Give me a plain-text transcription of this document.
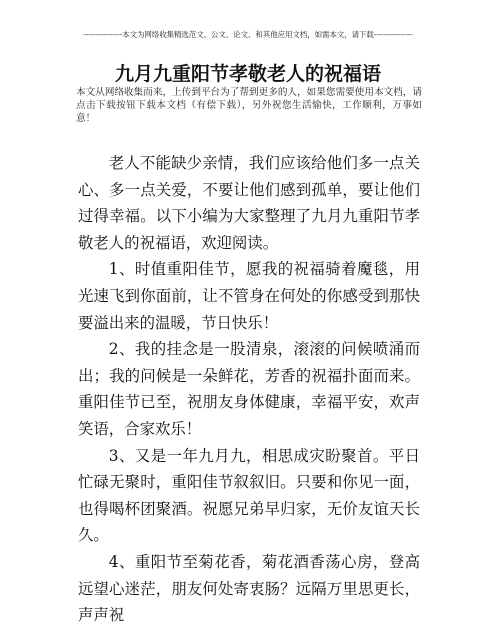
----------------本文为网络收集精选范文、公文、论文、和其他应用文档，如需本文，请下载----------------
九月九重阳节孝敬老人的祝福语
本文从网络收集而来，上传到平台为了帮到更多的人，如果您需要使用本文档，请点击下载按钮下载本文档（有偿下载），另外祝您生活愉快，工作顺利，万事如意！

老人不能缺少亲情，我们应该给他们多一点关心、多一点关爱，不要让他们感到孤单，要让他们过得幸福。以下小编为大家整理了九月九重阳节孝敬老人的祝福语，欢迎阅读。

1、时值重阳佳节，愿我的祝福骑着魔毯，用光速飞到你面前，让不管身在何处的你感受到那快要溢出来的温暖，节日快乐！

2、我的挂念是一股清泉，滚滚的问候喷涌而出；我的问候是一朵鲜花，芳香的祝福扑面而来。重阳佳节已至，祝朋友身体健康，幸福平安，欢声笑语，合家欢乐！

3、又是一年九月九，相思成灾盼聚首。平日忙碌无聚时，重阳佳节叙叙旧。只要和你见一面，也得喝杯团聚酒。祝愿兄弟早归家，无价友谊天长久。

4、重阳节至菊花香，菊花酒香荡心房，登高远望心迷茫，朋友何处寄衷肠？远隔万里思更长，声声祝
